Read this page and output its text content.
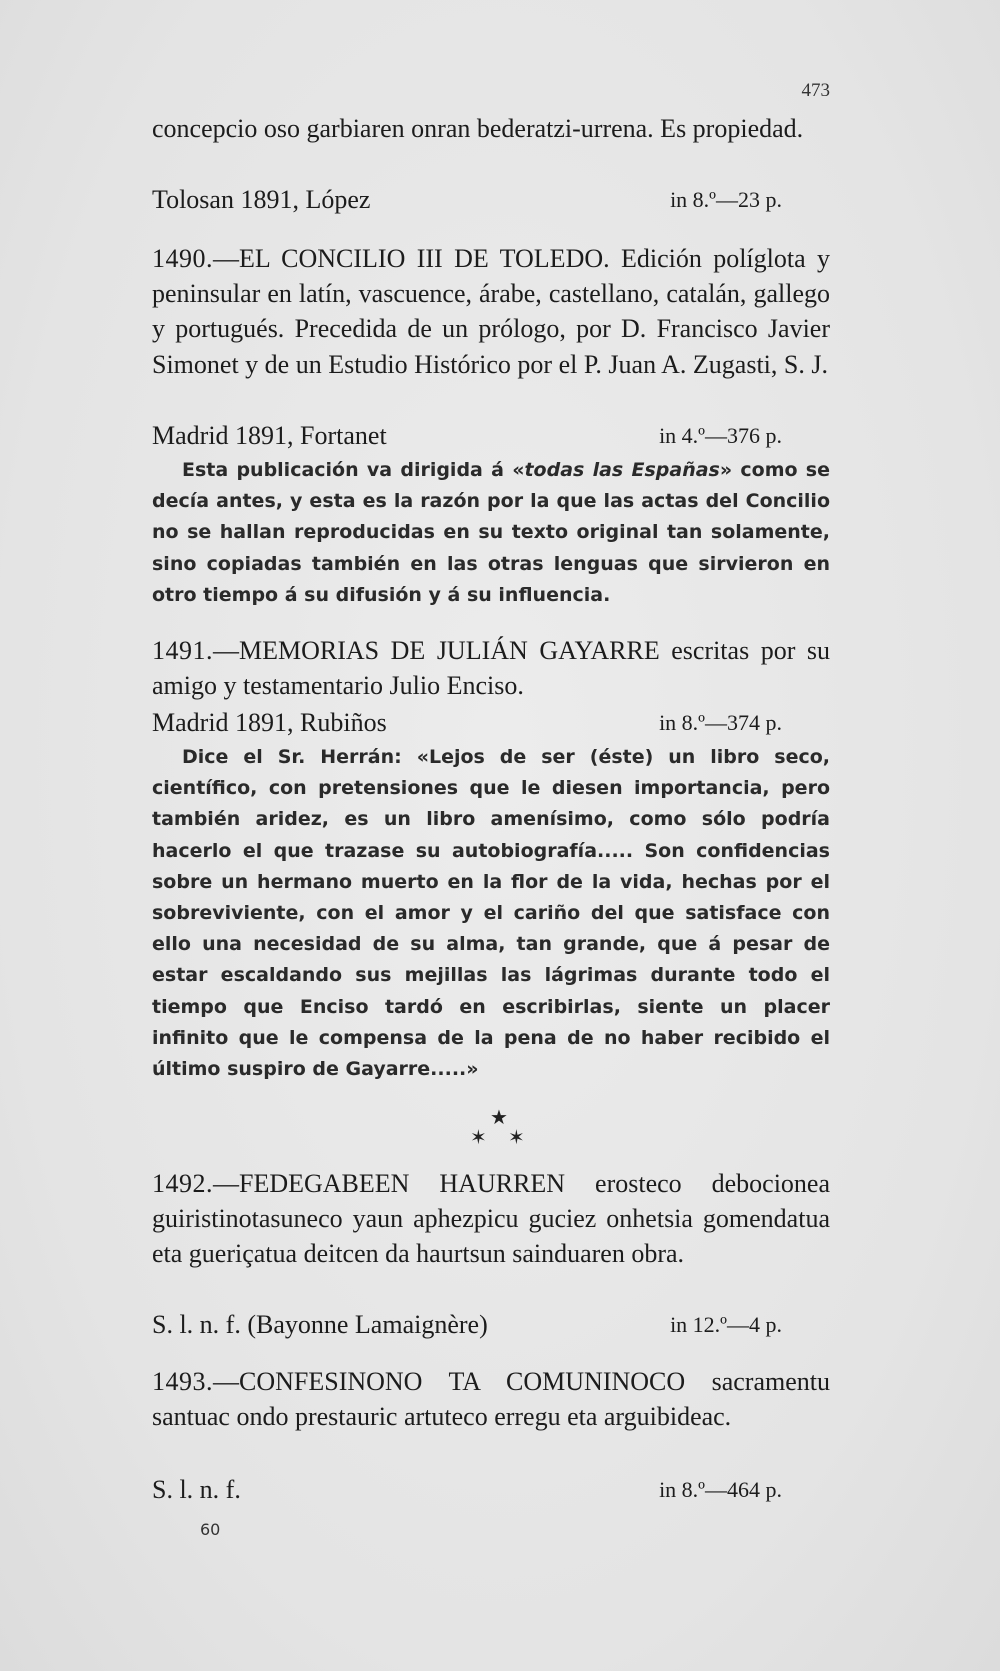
473
concepcio oso garbiaren onran bederatzi-urrena. Es propiedad.
Tolosan 1891, López	in 8.º—23 p.
1490.—EL CONCILIO III DE TOLEDO. Edición políglota y peninsular en latín, vascuence, árabe, castellano, catalán, gallego y portugués. Precedida de un prólogo, por D. Francisco Javier Simonet y de un Estudio Histórico por el P. Juan A. Zugasti, S. J.
Madrid 1891, Fortanet	in 4.º—376 p.
Esta publicación va dirigida á «todas las Españas» como se decía antes, y esta es la razón por la que las actas del Concilio no se hallan reproducidas en su texto original tan solamente, sino copiadas también en las otras lenguas que sirvieron en otro tiempo á su difusión y á su influencia.
1491.—MEMORIAS DE JULIÁN GAYARRE escritas por su amigo y testamentario Julio Enciso.
Madrid 1891, Rubiños	in 8.º—374 p.
Dice el Sr. Herrán: «Lejos de ser (éste) un libro seco, científico, con pretensiones que le diesen importancia, pero también aridez, es un libro amenísimo, como sólo podría hacerlo el que trazase su autobiografía..... Son confidencias sobre un hermano muerto en la flor de la vida, hechas por el sobreviviente, con el amor y el cariño del que satisface con ello una necesidad de su alma, tan grande, que á pesar de estar escaldando sus mejillas las lágrimas durante todo el tiempo que Enciso tardó en escribirlas, siente un placer infinito que le compensa de la pena de no haber recibido el último suspiro de Gayarre.....»
★
✶ ✶
1492.—FEDEGABEEN HAURREN erosteco debocionea guiristinotasuneco yaun aphezpicu guciez onhetsia gomendatua eta gueriçatua deitcen da haurtsun sainduaren obra.
S. l. n. f. (Bayonne Lamaignère)	in 12.º—4 p.
1493.—CONFESINONO TA COMUNINOCO sacramentu santuac ondo prestauric artuteco erregu eta arguibideac.
S. l. n. f.	in 8.º—464 p.
60
